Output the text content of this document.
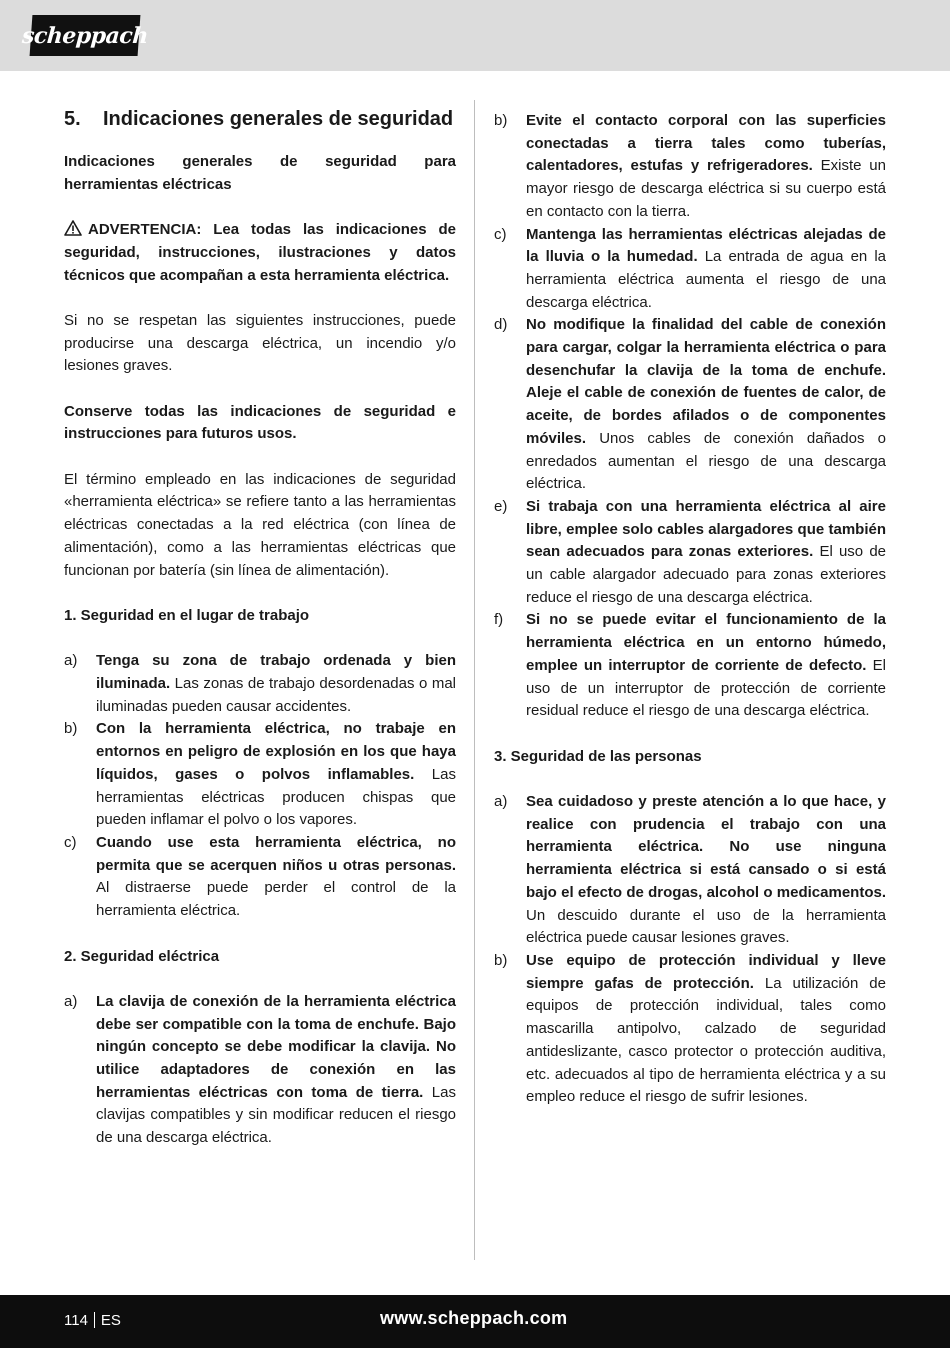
scheppach
5.	Indicaciones generales de seguridad

Indicaciones generales de seguridad para herramientas eléctricas

ADVERTENCIA: Lea todas las indicaciones de seguridad, instrucciones, ilustraciones y datos técnicos que acompañan a esta herramienta eléctrica.

Si no se respetan las siguientes instrucciones, puede producirse una descarga eléctrica, un incendio y/o lesiones graves.

Conserve todas las indicaciones de seguridad e instrucciones para futuros usos.

El término empleado en las indicaciones de seguridad «herramienta eléctrica» se refiere tanto a las herramientas eléctricas conectadas a la red eléctrica (con línea de alimentación), como a las herramientas eléctricas que funcionan por batería (sin línea de alimentación).

1. Seguridad en el lugar de trabajo
a)	Tenga su zona de trabajo ordenada y bien iluminada. Las zonas de trabajo desordenadas o mal iluminadas pueden causar accidentes.
b)	Con la herramienta eléctrica, no trabaje en entornos en peligro de explosión en los que haya líquidos, gases o polvos inflamables. Las herramientas eléctricas producen chispas que pueden inflamar el polvo o los vapores.
c)	Cuando use esta herramienta eléctrica, no permita que se acerquen niños u otras personas. Al distraerse puede perder el control de la herramienta eléctrica.
2. Seguridad eléctrica
a)	La clavija de conexión de la herramienta eléctrica debe ser compatible con la toma de enchufe. Bajo ningún concepto se debe modificar la clavija. No utilice adaptadores de conexión en las herramientas eléctricas con toma de tierra. Las clavijas compatibles y sin modificar reducen el riesgo de una descarga eléctrica.
b)	Evite el contacto corporal con las superficies conectadas a tierra tales como tuberías, calentadores, estufas y refrigeradores. Existe un mayor riesgo de descarga eléctrica si su cuerpo está en contacto con la tierra.
c)	Mantenga las herramientas eléctricas alejadas de la lluvia o la humedad. La entrada de agua en la herramienta eléctrica aumenta el riesgo de una descarga eléctrica.
d)	No modifique la finalidad del cable de conexión para cargar, colgar la herramienta eléctrica o para desenchufar la clavija de la toma de enchufe. Aleje el cable de conexión de fuentes de calor, de aceite, de bordes afilados o de componentes móviles. Unos cables de conexión dañados o enredados aumentan el riesgo de una descarga eléctrica.
e)	Si trabaja con una herramienta eléctrica al aire libre, emplee solo cables alargadores que también sean adecuados para zonas exteriores. El uso de un cable alargador adecuado para zonas exteriores reduce el riesgo de una descarga eléctrica.
f)	Si no se puede evitar el funcionamiento de la herramienta eléctrica en un entorno húmedo, emplee un interruptor de corriente de defecto. El uso de un interruptor de protección de corriente residual reduce el riesgo de una descarga eléctrica.
3. Seguridad de las personas
a)	Sea cuidadoso y preste atención a lo que hace, y realice con prudencia el trabajo con una herramienta eléctrica. No use ninguna herramienta eléctrica si está cansado o si está bajo el efecto de drogas, alcohol o medicamentos. Un descuido durante el uso de la herramienta eléctrica puede causar lesiones graves.
b)	Use equipo de protección individual y lleve siempre gafas de protección. La utilización de equipos de protección individual, tales como mascarilla antipolvo, calzado de seguridad antideslizante, casco protector o protección auditiva, etc. adecuados al tipo de herramienta eléctrica y a su empleo reduce el riesgo de sufrir lesiones.
114 ES	www.scheppach.com
